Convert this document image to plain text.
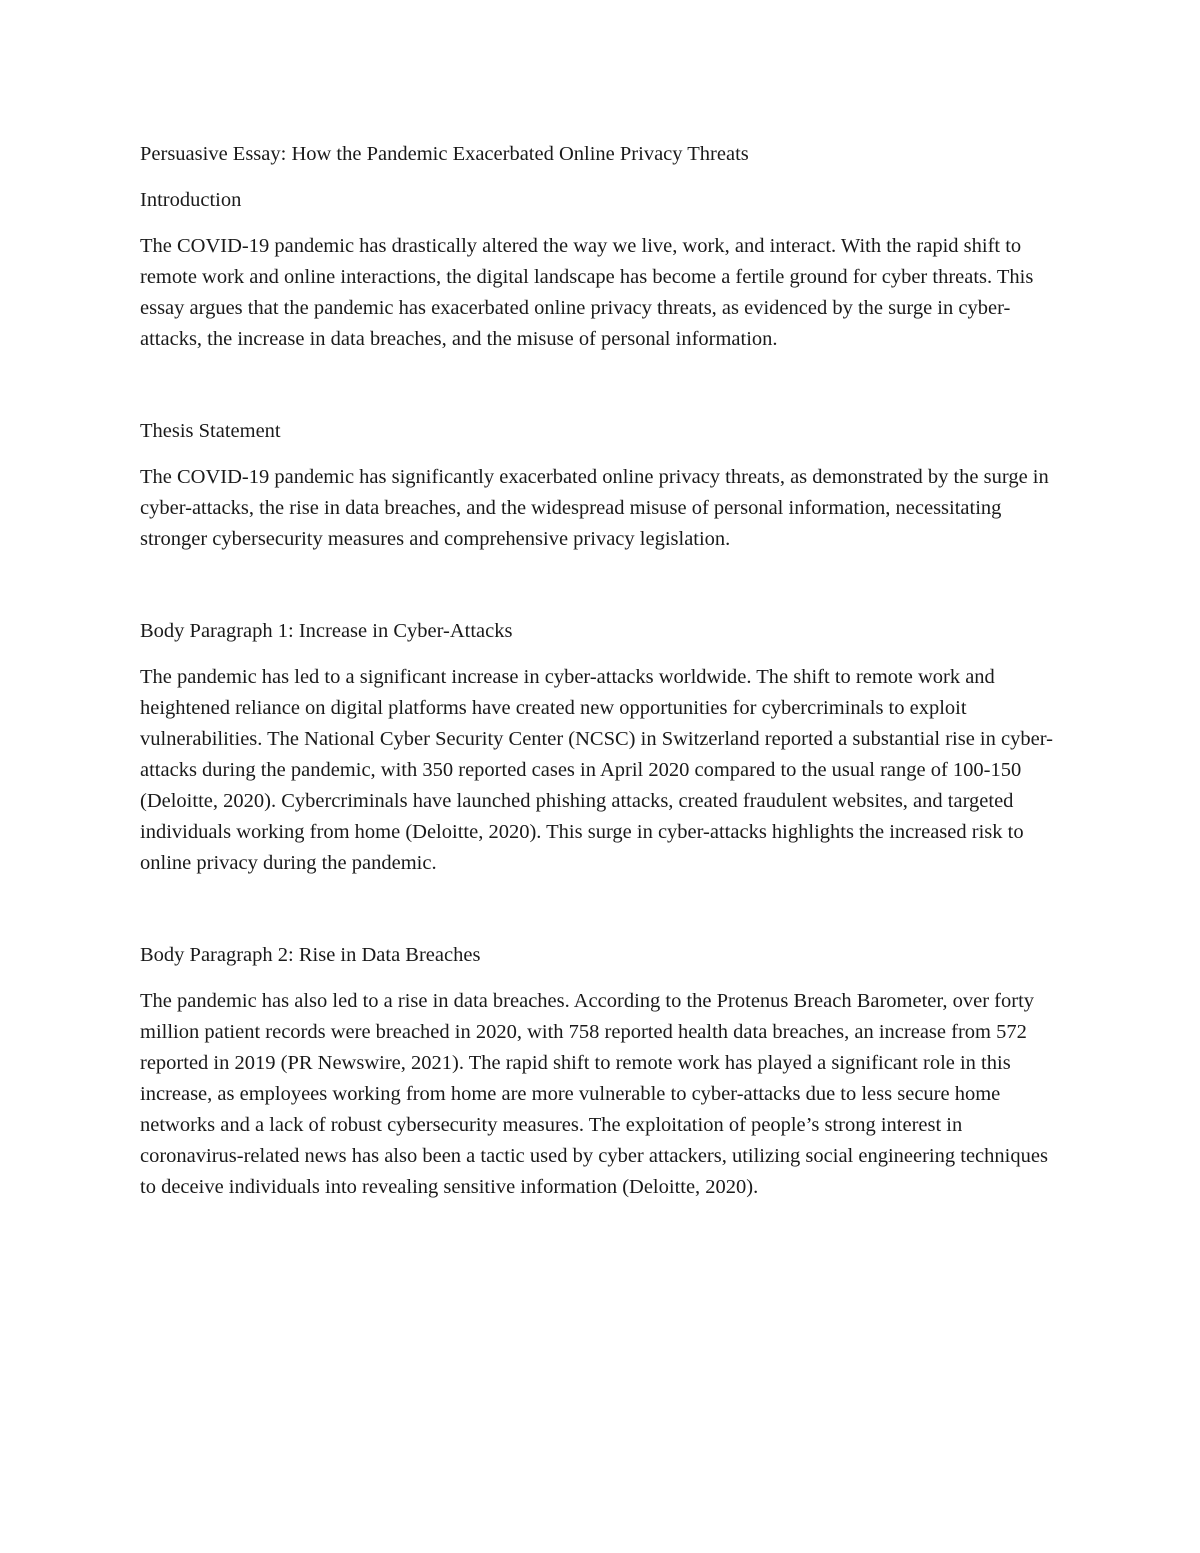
Persuasive Essay: How the Pandemic Exacerbated Online Privacy Threats

Introduction

The COVID-19 pandemic has drastically altered the way we live, work, and interact. With the rapid shift to remote work and online interactions, the digital landscape has become a fertile ground for cyber threats. This essay argues that the pandemic has exacerbated online privacy threats, as evidenced by the surge in cyber-attacks, the increase in data breaches, and the misuse of personal information.

Thesis Statement

The COVID-19 pandemic has significantly exacerbated online privacy threats, as demonstrated by the surge in cyber-attacks, the rise in data breaches, and the widespread misuse of personal information, necessitating stronger cybersecurity measures and comprehensive privacy legislation.

Body Paragraph 1: Increase in Cyber-Attacks

The pandemic has led to a significant increase in cyber-attacks worldwide. The shift to remote work and heightened reliance on digital platforms have created new opportunities for cybercriminals to exploit vulnerabilities. The National Cyber Security Center (NCSC) in Switzerland reported a substantial rise in cyber-attacks during the pandemic, with 350 reported cases in April 2020 compared to the usual range of 100-150 (Deloitte, 2020). Cybercriminals have launched phishing attacks, created fraudulent websites, and targeted individuals working from home (Deloitte, 2020). This surge in cyber-attacks highlights the increased risk to online privacy during the pandemic.

Body Paragraph 2: Rise in Data Breaches

The pandemic has also led to a rise in data breaches. According to the Protenus Breach Barometer, over forty million patient records were breached in 2020, with 758 reported health data breaches, an increase from 572 reported in 2019 (PR Newswire, 2021). The rapid shift to remote work has played a significant role in this increase, as employees working from home are more vulnerable to cyber-attacks due to less secure home networks and a lack of robust cybersecurity measures. The exploitation of people’s strong interest in coronavirus-related news has also been a tactic used by cyber attackers, utilizing social engineering techniques to deceive individuals into revealing sensitive information (Deloitte, 2020).
